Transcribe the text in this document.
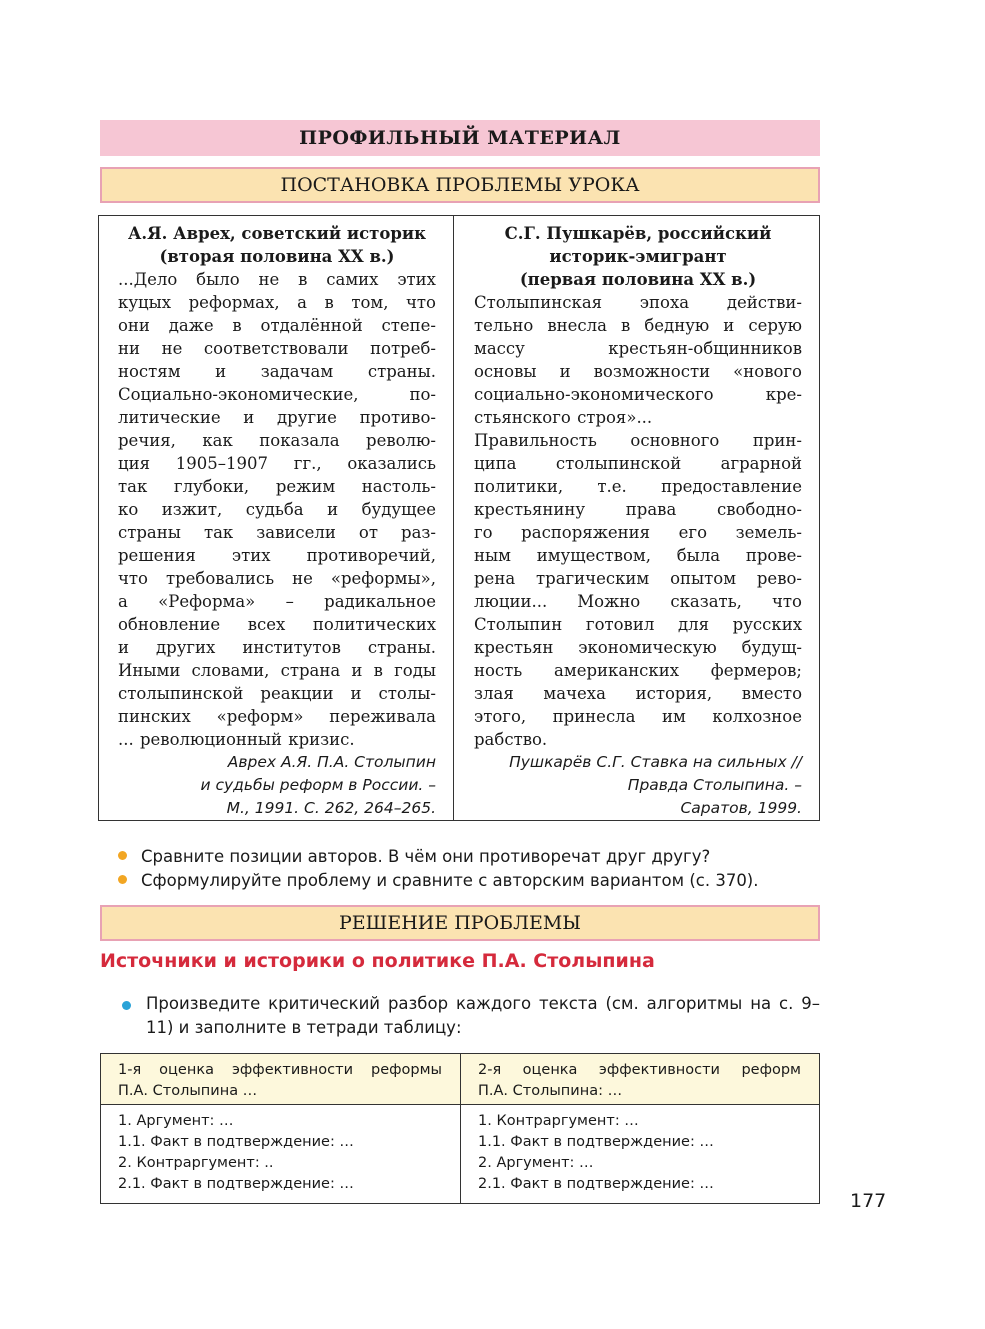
ПРОФИЛЬНЫЙ МАТЕРИАЛ
ПОСТАНОВКА ПРОБЛЕМЫ УРОКА
А.Я. Аврех, советский историк
(вторая половина XX в.)
...Дело было не в самих этих
куцых реформах, а в том, что
они даже в отдалённой степе-
ни не соответствовали потреб-
ностям и задачам страны.
Социально-экономические, по-
литические и другие противо-
речия, как показала револю-
ция 1905–1907 гг., оказались
так глубоки, режим настоль-
ко изжит, судьба и будущее
страны так зависели от раз-
решения этих противоречий,
что требовались не «реформы»,
а «Реформа» – радикальное
обновление всех политических
и других институтов страны.
Иными словами, страна и в годы
столыпинской реакции и столы-
пинских «реформ» переживала
... революционный кризис.
Аврех А.Я. П.А. Столыпин
и судьбы реформ в России. –
М., 1991. С. 262, 264–265.
С.Г. Пушкарёв, российский
историк-эмигрант
(первая половина XX в.)
Столыпинская эпоха действи-
тельно внесла в бедную и серую
массу крестьян-общинников
основы и возможности «нового
социально-экономического кре-
стьянского строя»...
Правильность основного прин-
ципа столыпинской аграрной
политики, т.е. предоставление
крестьянину права свободно-
го распоряжения его земель-
ным имуществом, была прове-
рена трагическим опытом рево-
люции... Можно сказать, что
Столыпин готовил для русских
крестьян экономическую будущ-
ность американских фермеров;
злая мачеха история, вместо
этого, принесла им колхозное
рабство.
Пушкарёв С.Г. Ставка на сильных //
Правда Столыпина. –
Саратов, 1999.
Сравните позиции авторов. В чём они противоречат друг другу?
Сформулируйте проблему и сравните с авторским вариантом (с. 370).
РЕШЕНИЕ ПРОБЛЕМЫ
Источники и историки о политике П.А. Столыпина
Произведите критический разбор каждого текста (см. алгоритмы на с. 9–11) и заполните в тетради таблицу:
1-я оценка эффективности реформы
П.А. Столыпина …
2-я оценка эффективности реформ
П.А. Столыпина: …
1. Аргумент: …
1.1. Факт в подтверждение: …
2. Контраргумент: ..
2.1. Факт в подтверждение: …
1. Контраргумент: …
1.1. Факт в подтверждение: …
2. Аргумент: …
2.1. Факт в подтверждение: …
177
